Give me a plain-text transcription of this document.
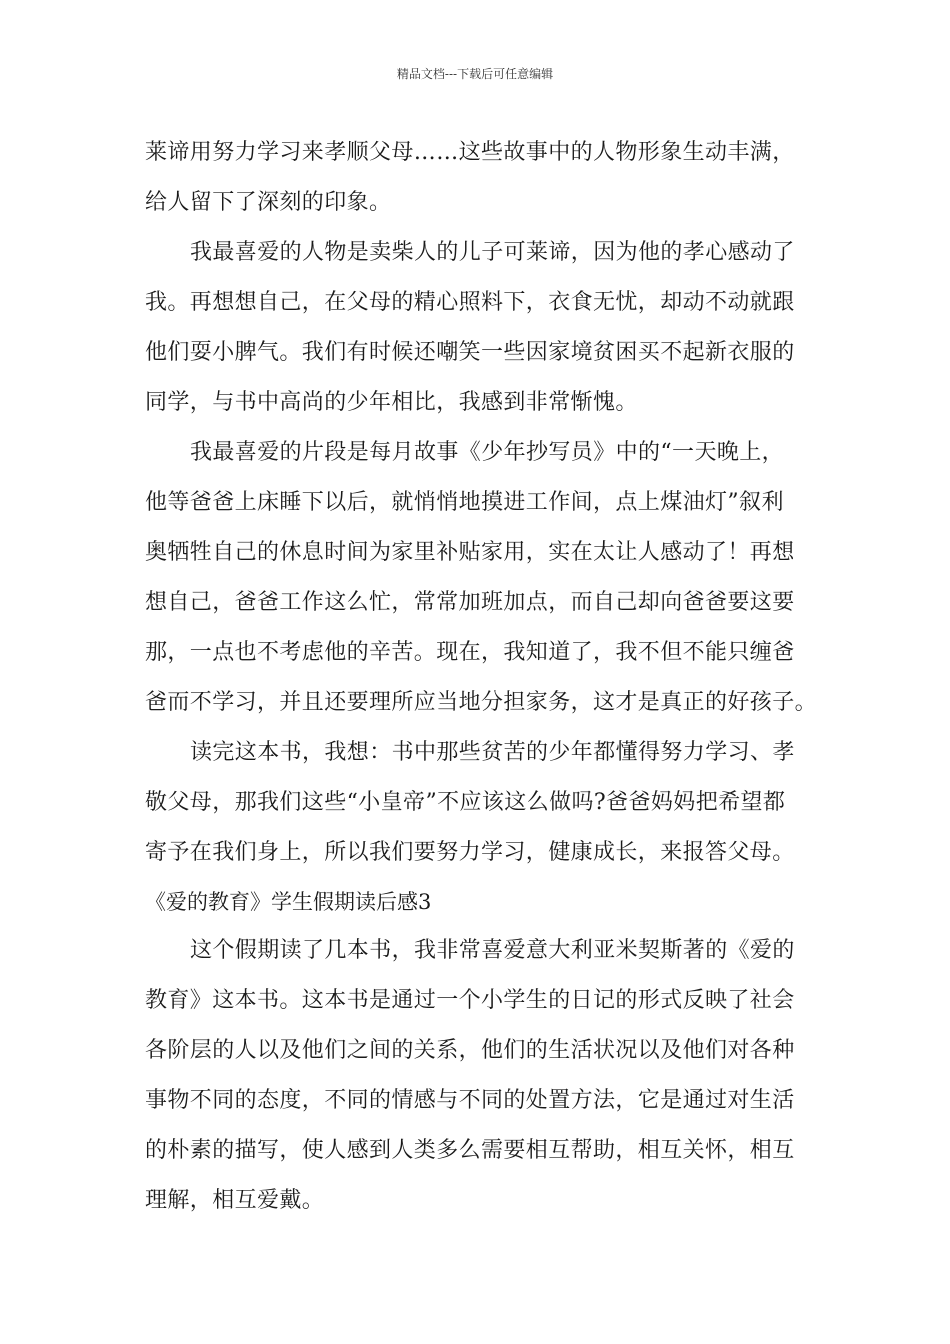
精品文档---下载后可任意编辑
莱谛用努力学习来孝顺父母……这些故事中的人物形象生动丰满，
给人留下了深刻的印象。
我最喜爱的人物是卖柴人的儿子可莱谛，因为他的孝心感动了
我。再想想自己，在父母的精心照料下，衣食无忧，却动不动就跟
他们耍小脾气。我们有时候还嘲笑一些因家境贫困买不起新衣服的
同学，与书中高尚的少年相比，我感到非常惭愧。
我最喜爱的片段是每月故事《少年抄写员》中的“一天晚上，
他等爸爸上床睡下以后，就悄悄地摸进工作间，点上煤油灯”叙利
奥牺牲自己的休息时间为家里补贴家用，实在太让人感动了！再想
想自己，爸爸工作这么忙，常常加班加点，而自己却向爸爸要这要
那，一点也不考虑他的辛苦。现在，我知道了，我不但不能只缠爸
爸而不学习，并且还要理所应当地分担家务，这才是真正的好孩子。
读完这本书，我想：书中那些贫苦的少年都懂得努力学习、孝
敬父母，那我们这些“小皇帝”不应该这么做吗?爸爸妈妈把希望都
寄予在我们身上，所以我们要努力学习，健康成长，来报答父母。
《爱的教育》学生假期读后感3
这个假期读了几本书，我非常喜爱意大利亚米契斯著的《爱的
教育》这本书。这本书是通过一个小学生的日记的形式反映了社会
各阶层的人以及他们之间的关系，他们的生活状况以及他们对各种
事物不同的态度，不同的情感与不同的处置方法，它是通过对生活
的朴素的描写，使人感到人类多么需要相互帮助，相互关怀，相互
理解，相互爱戴。
